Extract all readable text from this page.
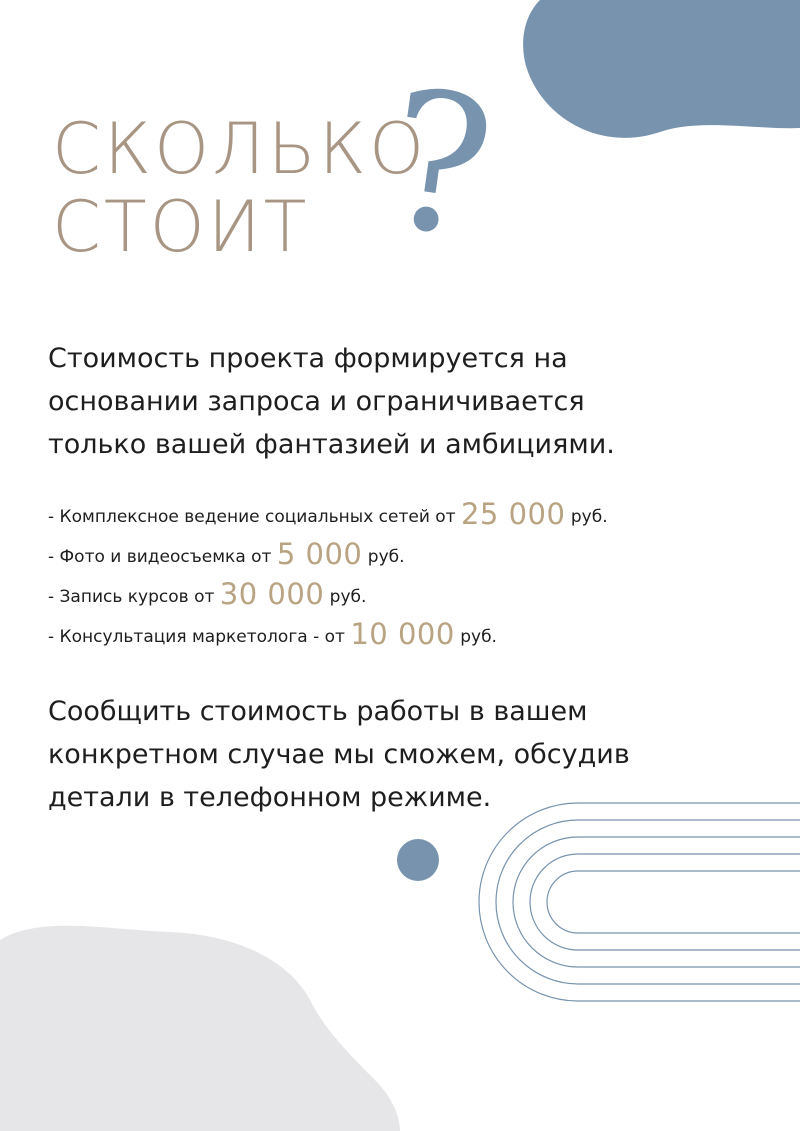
СКОЛЬКО
СТОИТ ?

Стоимость проекта формируется на
основании запроса и ограничивается
только вашей фантазией и амбициями.

- Комплексное ведение социальных сетей от 25 000 руб.
- Фото и видеосъемка от 5 000 руб.
- Запись курсов от 30 000 руб.
- Консультация маркетолога - от 10 000 руб.

Сообщить стоимость работы в вашем
конкретном случае мы сможем, обсудив
детали в телефонном режиме.
